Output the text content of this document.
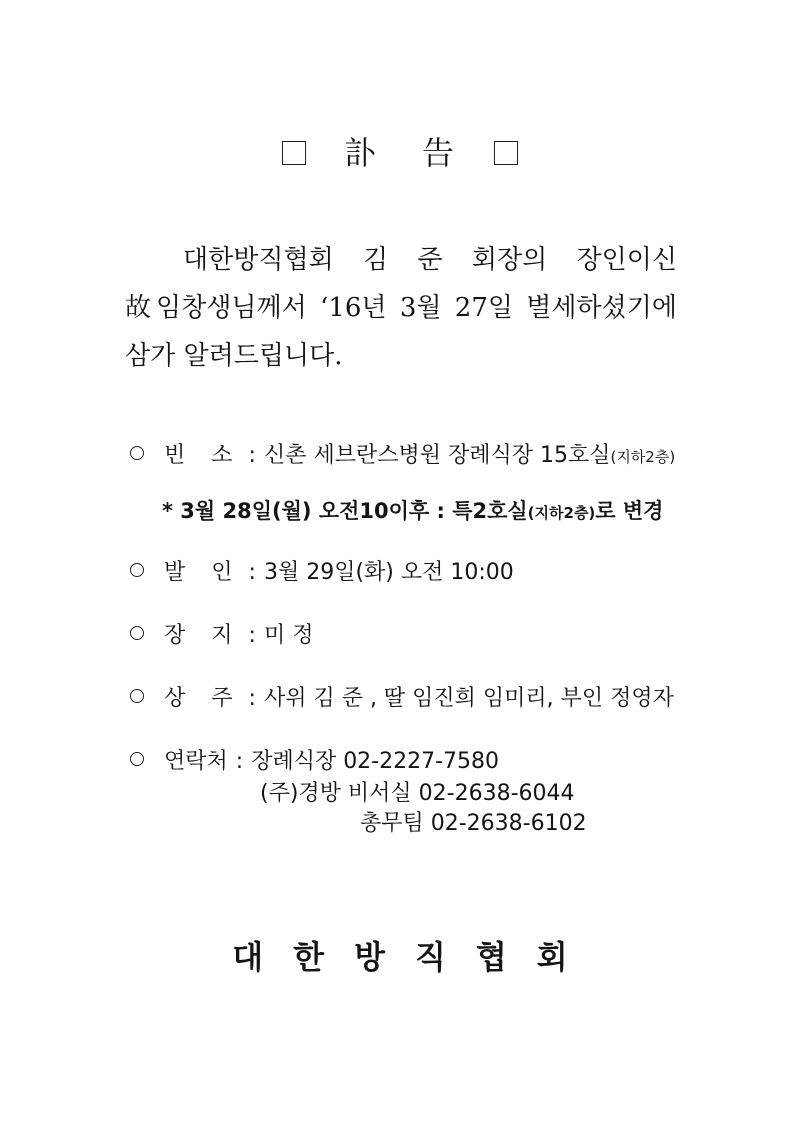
訃 告
대한방직협회 김 준 회장의 장인이신
故임창생님께서 ‘16년 3월 27일 별세하셨기에
삼가 알려드립니다.
빈 소 : 신촌 세브란스병원 장례식장 15호실(지하2층)
* 3월 28일(월) 오전10이후 : 특2호실(지하2층)로 변경
발 인 : 3월 29일(화) 오전 10:00
장 지 : 미 정
상 주 : 사위 김 준 , 딸 임진희 임미리, 부인 정영자
연락처 : 장례식장 02-2227-7580
(주)경방 비서실 02-2638-6044
총무팀 02-2638-6102
대한방직협회
